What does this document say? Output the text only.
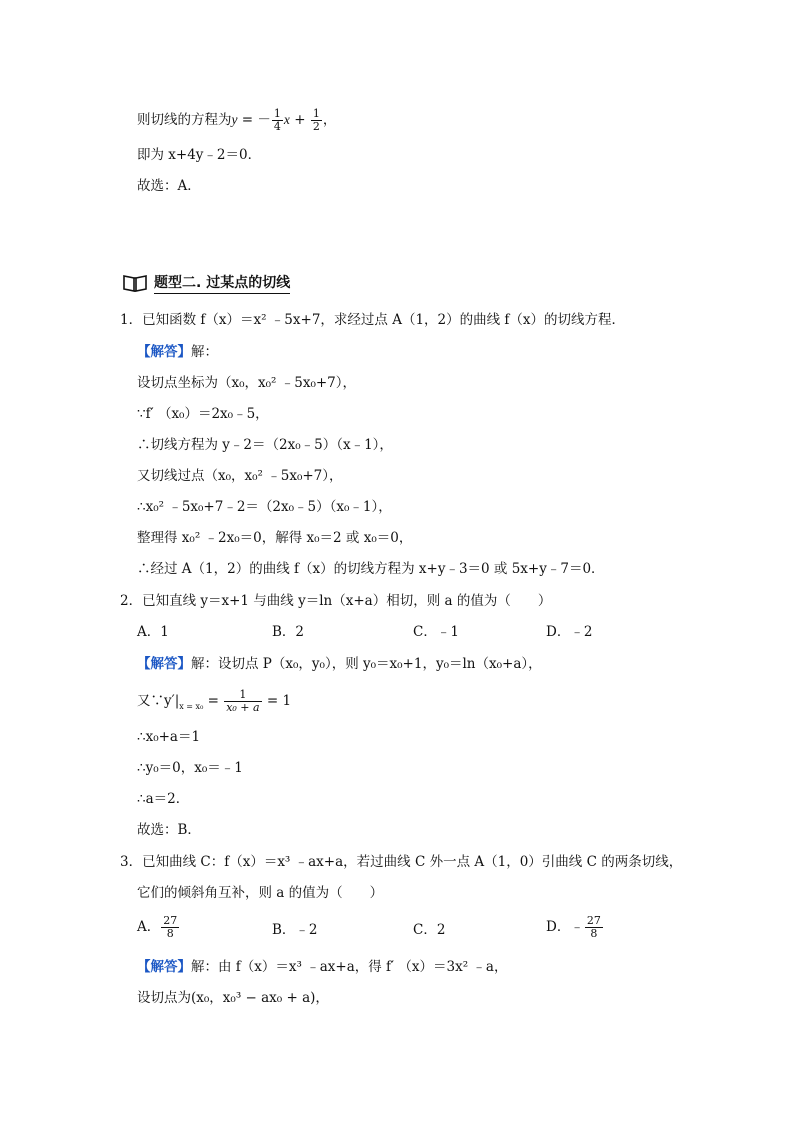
则切线的方程为y = － $\frac{1}{4}$ $x + \frac{1}{2}$ ，
即为 x+4y﹣2＝0．
故选：A．
题型二. 过某点的切线
1．已知函数 f（x）＝x² ﹣5x+7，求经过点 A（1，2）的曲线 f（x）的切线方程．
【解答】解：
设切点坐标为（x₀，x₀² ﹣5x₀+7），
∵f′ （x₀）＝2x₀﹣5，
∴切线方程为 y﹣2＝（2x₀﹣5）（x﹣1），
又切线过点（x₀，x₀² ﹣5x₀+7），
∴x₀² ﹣5x₀+7﹣2＝（2x₀﹣5）（x₀﹣1），
整理得 x₀² ﹣2x₀＝0，解得 x₀＝2 或 x₀＝0，
∴经过 A（1，2）的曲线 f（x）的切线方程为 x+y﹣3＝0 或 5x+y﹣7＝0．
2．已知直线 y＝x+1 与曲线 y＝ln（x+a）相切，则 a 的值为（　　）
A．1	B．2	C．﹣1	D．﹣2
【解答】解：设切点 P（x₀，y₀），则 y₀＝x₀+1，y₀＝ln（x₀+a），
又$\because y'|_{x = x_0} = \frac{1}{\text{x₀ + a}} = 1$
∴x₀+a＝1
∴y₀＝0，x₀＝﹣1
∴a＝2．
故选：B．
3．已知曲线 C：f（x）＝x³ ﹣ax+a，若过曲线 C 外一点 A（1，0）引曲线 C 的两条切线，
它们的倾斜角互补，则 a 的值为（　　）
A． $\frac{27}{8}$	B．﹣2	C．2	D．﹣ $\frac{27}{8}$
【解答】解：由 f（x）＝x³ ﹣ax+a，得 f′ （x）＝3x² ﹣a，
设切点为(x₀，x₀³ − ax₀ + a)，
